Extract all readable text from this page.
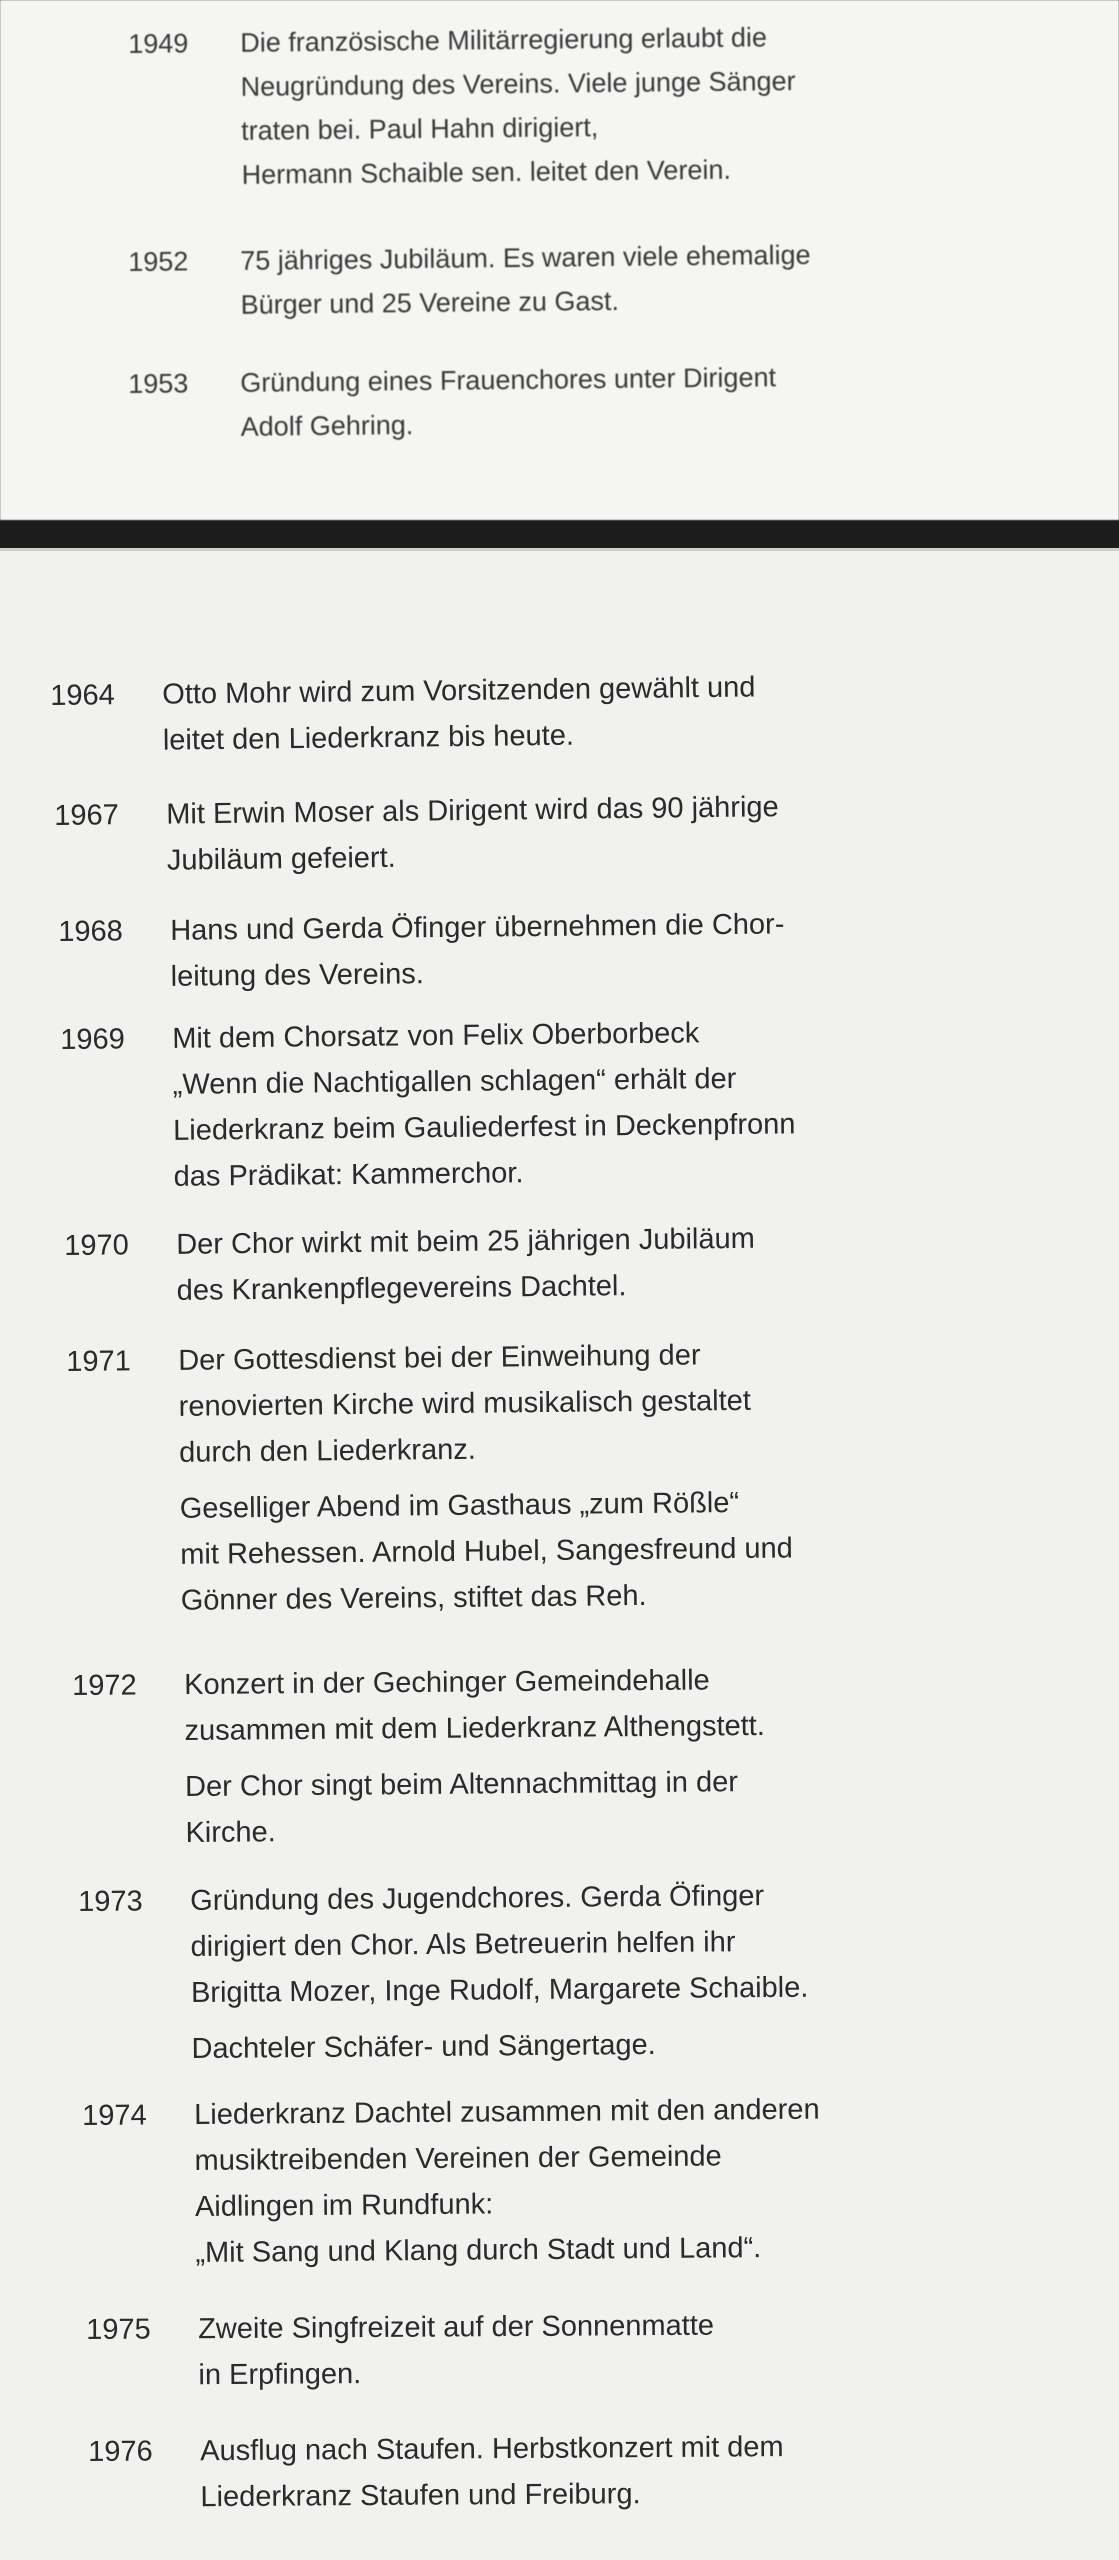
1949	Die französische Militärregierung erlaubt die
Neugründung des Vereins. Viele junge Sänger
traten bei. Paul Hahn dirigiert,
Hermann Schaible sen. leitet den Verein.
1952	75 jähriges Jubiläum. Es waren viele ehemalige
Bürger und 25 Vereine zu Gast.
1953	Gründung eines Frauenchores unter Dirigent
Adolf Gehring.
1964	Otto Mohr wird zum Vorsitzenden gewählt und
leitet den Liederkranz bis heute.
1967	Mit Erwin Moser als Dirigent wird das 90 jährige
Jubiläum gefeiert.
1968	Hans und Gerda Öfinger übernehmen die Chor-
leitung des Vereins.
1969	Mit dem Chorsatz von Felix Oberborbeck
„Wenn die Nachtigallen schlagen“ erhält der
Liederkranz beim Gauliederfest in Deckenpfronn
das Prädikat: Kammerchor.
1970	Der Chor wirkt mit beim 25 jährigen Jubiläum
des Krankenpflegevereins Dachtel.
1971	Der Gottesdienst bei der Einweihung der
renovierten Kirche wird musikalisch gestaltet
durch den Liederkranz.
Geselliger Abend im Gasthaus „zum Rößle“
mit Rehessen. Arnold Hubel, Sangesfreund und
Gönner des Vereins, stiftet das Reh.
1972	Konzert in der Gechinger Gemeindehalle
zusammen mit dem Liederkranz Althengstett.
Der Chor singt beim Altennachmittag in der
Kirche.
1973	Gründung des Jugendchores. Gerda Öfinger
dirigiert den Chor. Als Betreuerin helfen ihr
Brigitta Mozer, Inge Rudolf, Margarete Schaible.
Dachteler Schäfer- und Sängertage.
1974	Liederkranz Dachtel zusammen mit den anderen
musiktreibenden Vereinen der Gemeinde
Aidlingen im Rundfunk:
„Mit Sang und Klang durch Stadt und Land“.
1975	Zweite Singfreizeit auf der Sonnenmatte
in Erpfingen.
1976	Ausflug nach Staufen. Herbstkonzert mit dem
Liederkranz Staufen und Freiburg.
